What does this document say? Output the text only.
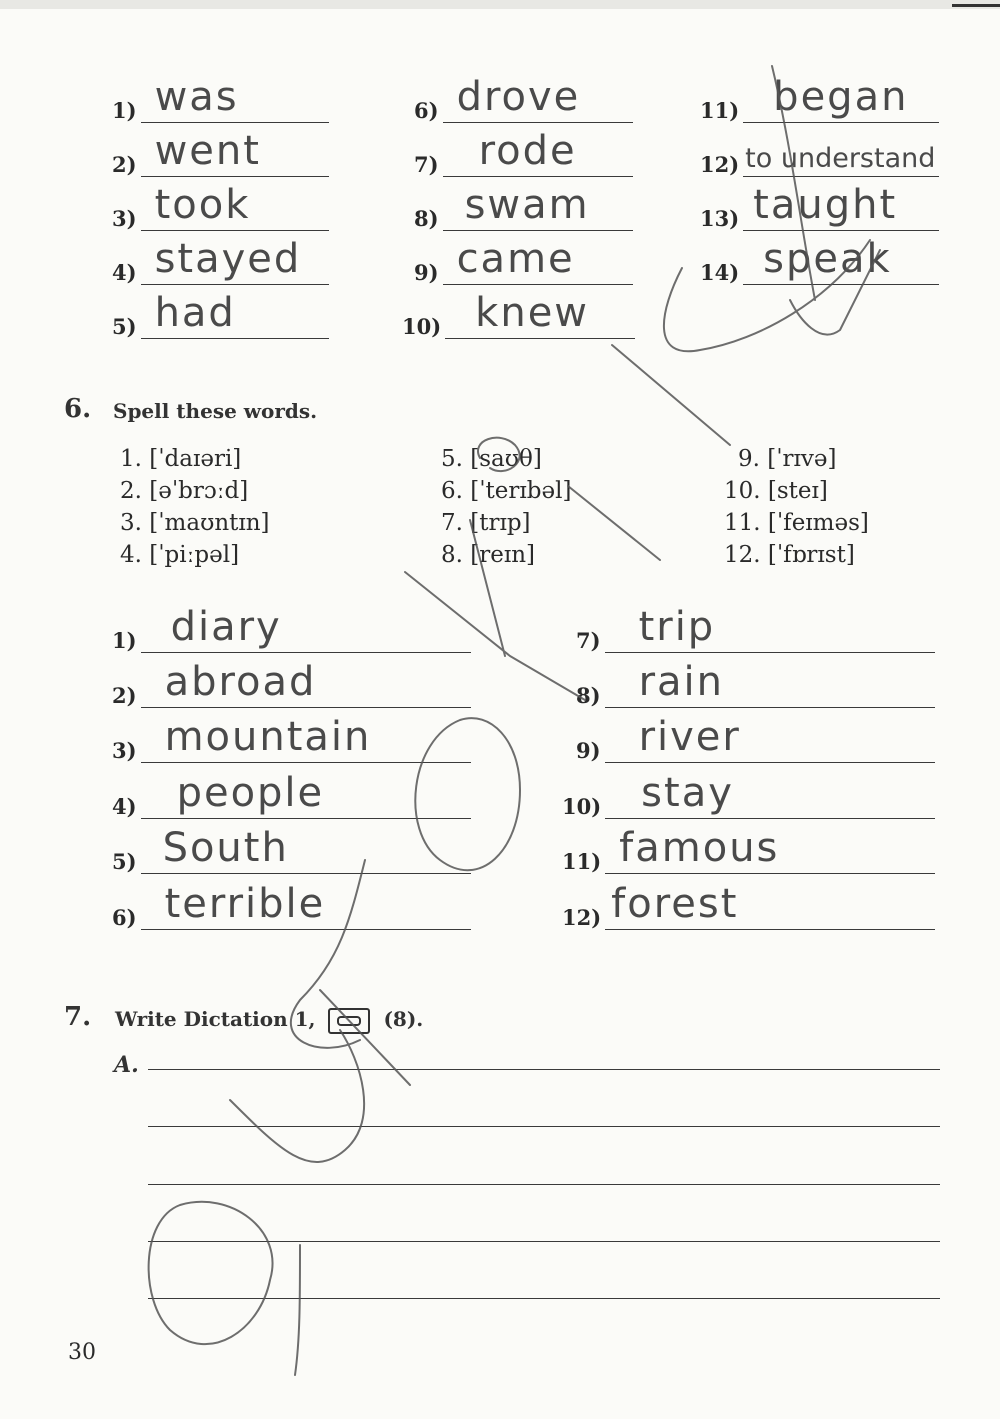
1) was
2) went
3) took
4) stayed
5) had
6) drove
7) rode
8) swam
9) came
10) knew
11) began
12) to understand
13) taught
14) speak
6. Spell these words.
1. [ˈdaɪəri]
2. [əˈbrɔːd]
3. [ˈmaʊntɪn]
4. [ˈpiːpəl]
5. [saʊθ]
6. [ˈterɪbəl]
7. [trɪp]
8. [reɪn]
9. [ˈrɪvə]
10. [steɪ]
11. [ˈfeɪməs]
12. [ˈfɒrɪst]
1) diary
2) abroad
3) mountain
4) people
5) South
6) terrible
7) trip
8) rain
9) river
10) stay
11) famous
12) forest
7. Write Dictation 1,	(8).
A.
30
